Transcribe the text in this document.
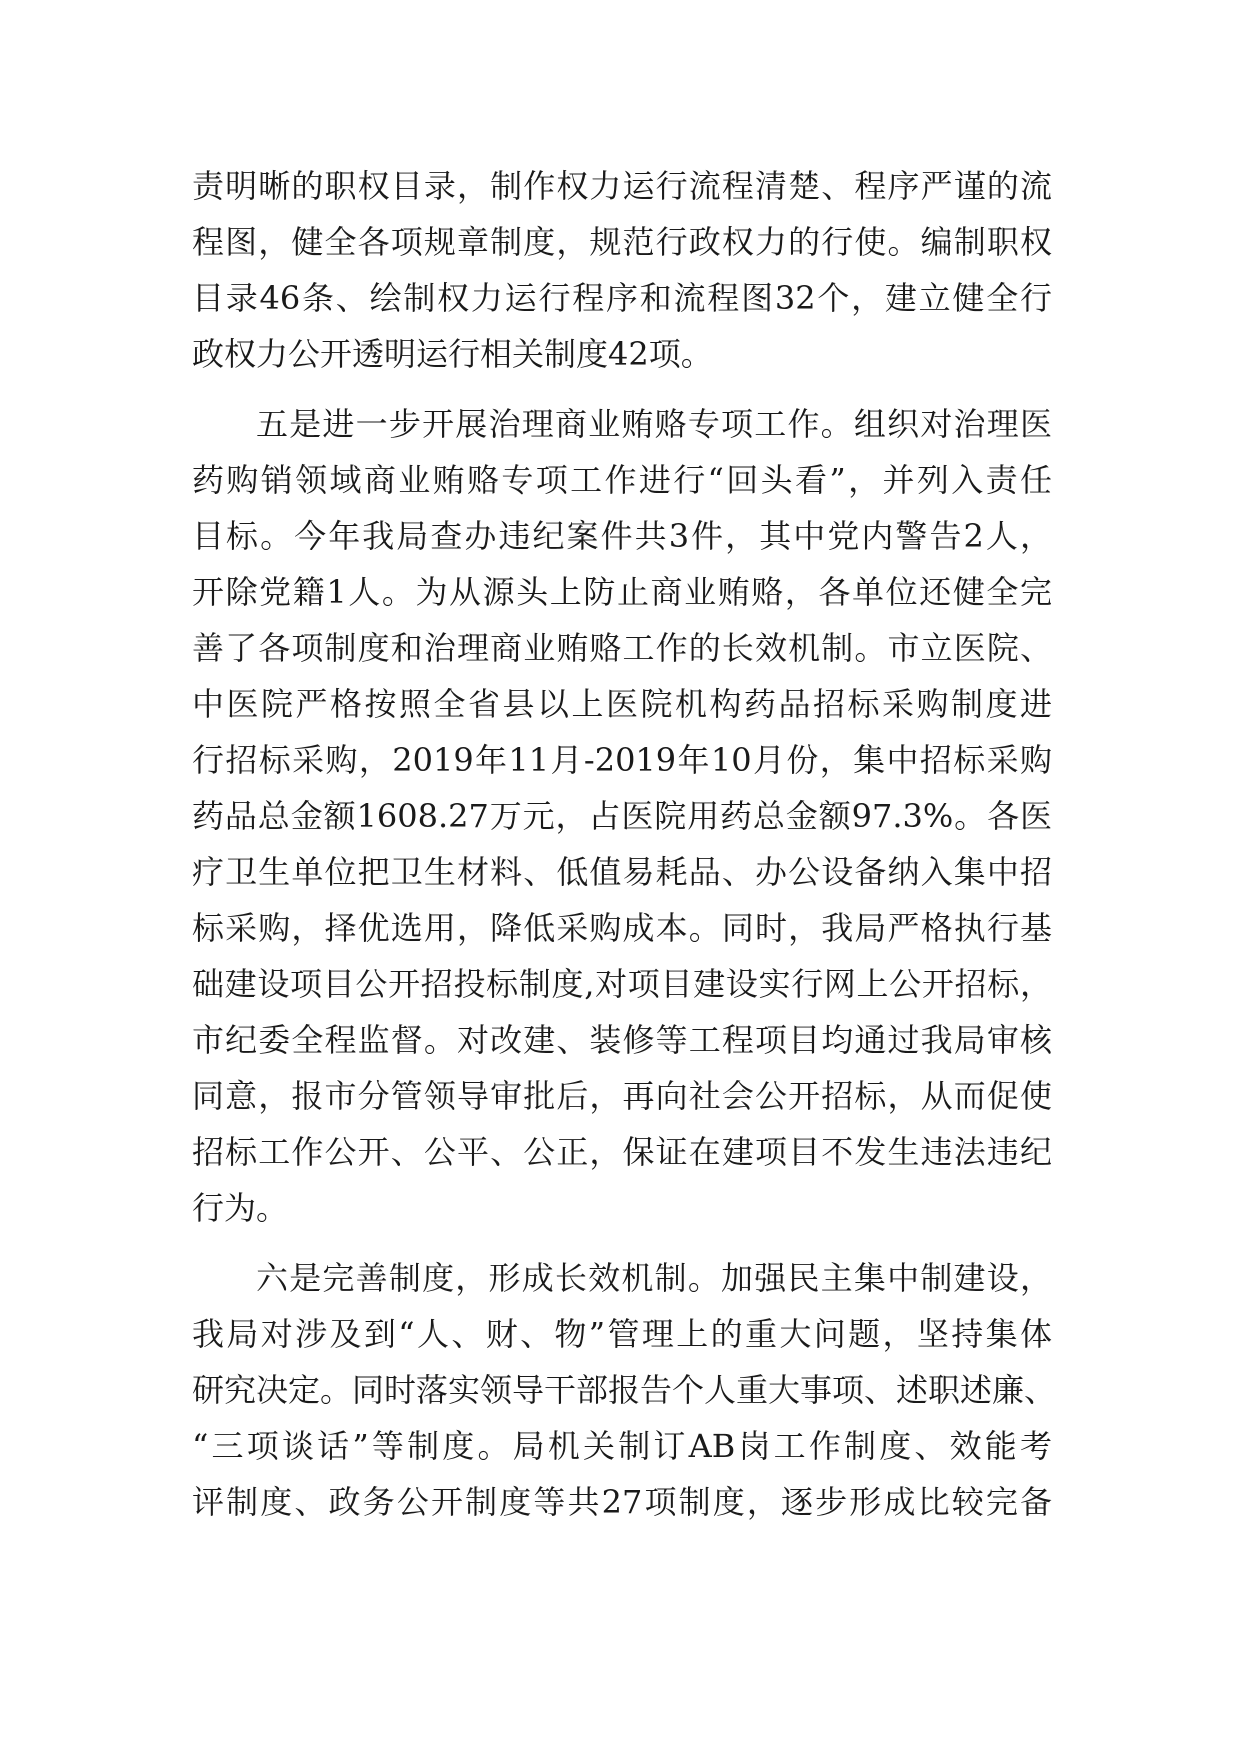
责明晰的职权目录，制作权力运行流程清楚、程序严谨的流
程图，健全各项规章制度，规范行政权力的行使。编制职权
目录46条、绘制权力运行程序和流程图32个，建立健全行
政权力公开透明运行相关制度42项。
五是进一步开展治理商业贿赂专项工作。组织对治理医
药购销领域商业贿赂专项工作进行“回头看”，并列入责任
目标。今年我局查办违纪案件共3件，其中党内警告2人，
开除党籍1人。为从源头上防止商业贿赂，各单位还健全完
善了各项制度和治理商业贿赂工作的长效机制。市立医院、
中医院严格按照全省县以上医院机构药品招标采购制度进
行招标采购，2019年11月-2019年10月份，集中招标采购
药品总金额1608.27万元，占医院用药总金额97.3%。各医
疗卫生单位把卫生材料、低值易耗品、办公设备纳入集中招
标采购，择优选用，降低采购成本。同时，我局严格执行基
础建设项目公开招投标制度,对项目建设实行网上公开招标，
市纪委全程监督。对改建、装修等工程项目均通过我局审核
同意，报市分管领导审批后，再向社会公开招标，从而促使
招标工作公开、公平、公正，保证在建项目不发生违法违纪
行为。
六是完善制度，形成长效机制。加强民主集中制建设，
我局对涉及到“人、财、物”管理上的重大问题，坚持集体
研究决定。同时落实领导干部报告个人重大事项、述职述廉、
“三项谈话”等制度。局机关制订AB岗工作制度、效能考
评制度、政务公开制度等共27项制度，逐步形成比较完备
